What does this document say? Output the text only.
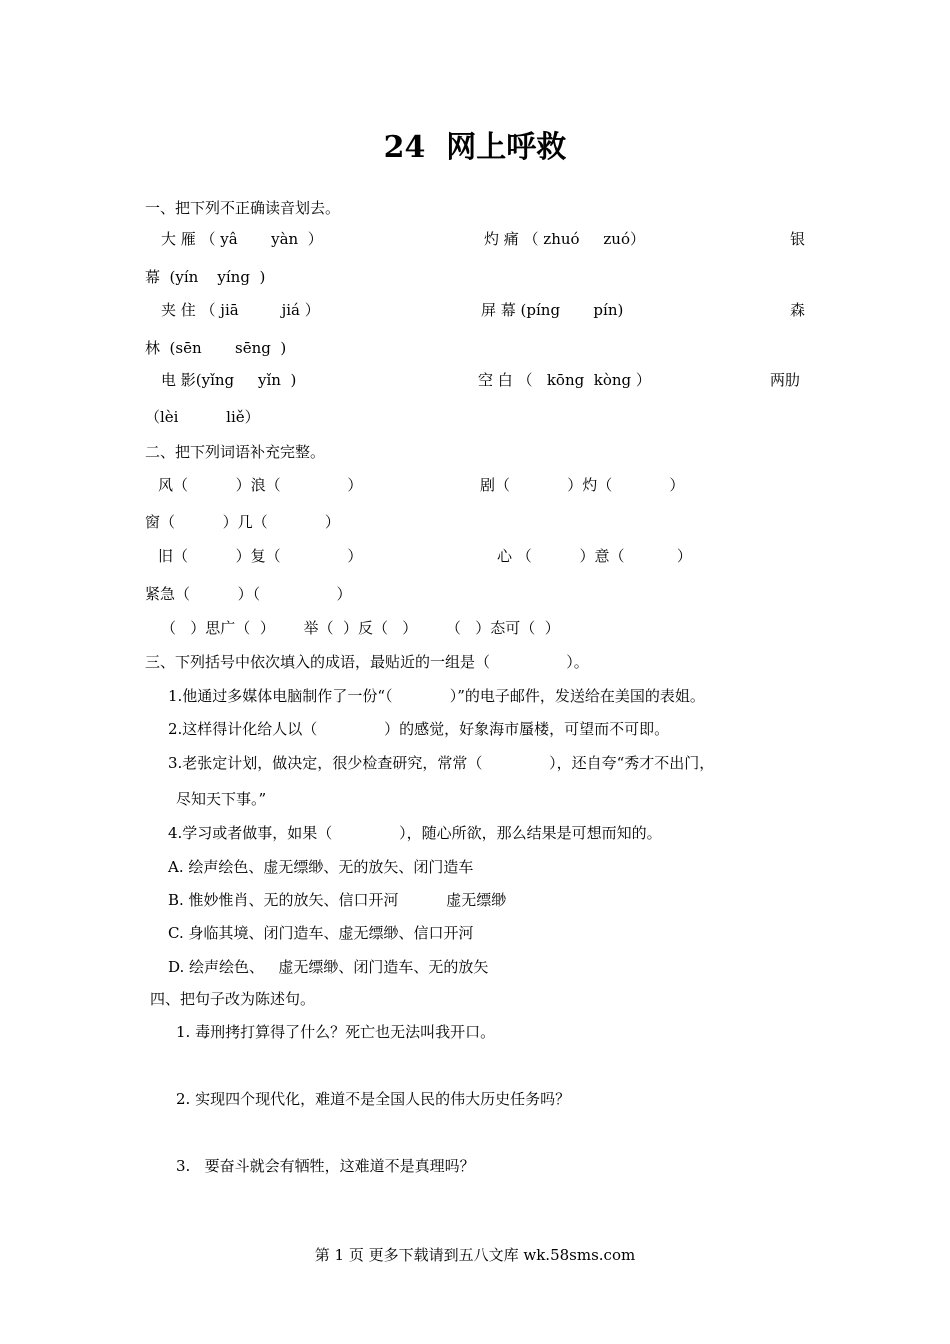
24  网上呼救
一、把下列不正确读音划去。
大 雁 （ yâ       yàn  ）	灼 痛 （ zhuó     zuó）	银
幕  (yín    yíng  )
夹 住 （ jiā         jiá ）	屏 幕 (píng       pín)	森
林  (sēn       sēng  )
电 影(yǐng     yǐn  )	空 白 （   kōng  kòng ）	两肋
（lèi          liě）
二、把下列词语补充完整。
风（          ）浪（              ）	剧（            ）灼（            ）
窗（          ）几（            ）
旧（          ）复（              ）	心 （          ）意（           ）
紧急（          ）（                ）
（   ）思广（  ）      举（  ）反（   ）      （   ）态可（  ）
三、下列括号中依次填入的成语，最贴近的一组是（                ）。
1.他通过多媒体电脑制作了一份“（            ）”的电子邮件，发送给在美国的表姐。
2.这样得计化给人以（              ）的感觉，好象海市蜃楼，可望而不可即。
3.老张定计划，做决定，很少检查研究，常常（              ），还自夸“秀才不出门，
尽知天下事。”
4.学习或者做事，如果（              ），随心所欲，那么结果是可想而知的。
A. 绘声绘色、虚无缥缈、无的放矢、闭门造车
B. 惟妙惟肖、无的放矢、信口开河          虚无缥缈
C. 身临其境、闭门造车、虚无缥缈、信口开河
D. 绘声绘色、   虚无缥缈、闭门造车、无的放矢
四、把句子改为陈述句。
1. 毒刑拷打算得了什么？死亡也无法叫我开口。
2. 实现四个现代化，难道不是全国人民的伟大历史任务吗？
3.   要奋斗就会有牺牲，这难道不是真理吗？
第 1 页 更多下载请到五八文库 wk.58sms.com
